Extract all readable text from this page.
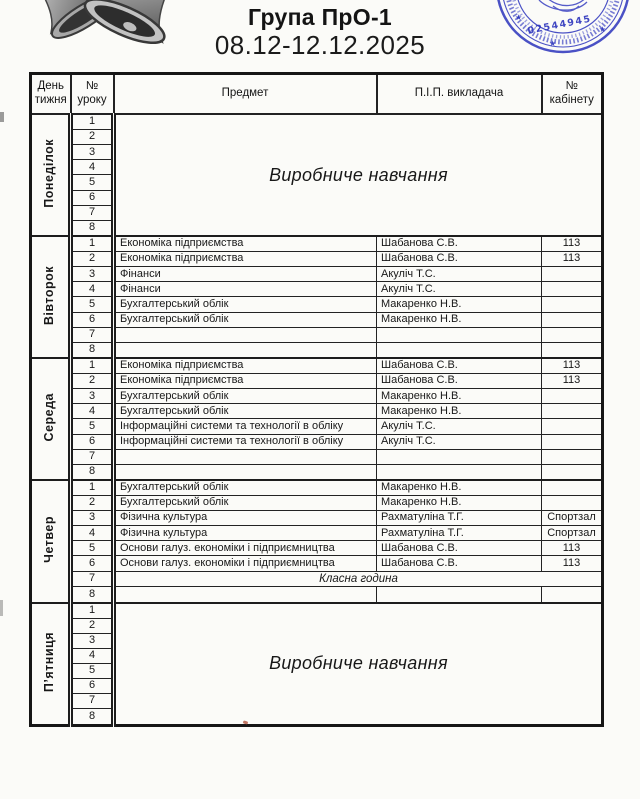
Група ПрО-1
08.12-12.12.2025
★
★
★
02544945
День тижня	№ уроку	Предмет	П.І.П. викладача	№ кабінету
Понеділок	1	Виробниче навчання		
	2			
	3			
	4			
	5			
	6			
	7			
	8			
Вівторок	1	Економіка підприємства	Шабанова С.В.	113
	2	Економіка підприємства	Шабанова С.В.	113
	3	Фінанси	Акуліч Т.С.	
	4	Фінанси	Акуліч Т.С.	
	5	Бухгалтерський облік	Макаренко Н.В.	
	6	Бухгалтерський облік	Макаренко Н.В.	
	7			
	8			
Середа	1	Економіка підприємства	Шабанова С.В.	113
	2	Економіка підприємства	Шабанова С.В.	113
	3	Бухгалтерський облік	Макаренко Н.В.	
	4	Бухгалтерський облік	Макаренко Н.В.	
	5	Інформаційні системи та технології в обліку	Акуліч Т.С.	
	6	Інформаційні системи та технології в обліку	Акуліч Т.С.	
	7			
	8			
Четвер	1	Бухгалтерський облік	Макаренко Н.В.	
	2	Бухгалтерський облік	Макаренко Н.В.	
	3	Фізична культура	Рахматуліна Т.Г.	Спортзал
	4	Фізична культура	Рахматуліна Т.Г.	Спортзал
	5	Основи галуз. економіки і підприємництва	Шабанова С.В.	113
	6	Основи галуз. економіки і підприємництва	Шабанова С.В.	113
	7	Класна година		
	8			
П’ятниця	1	Виробниче навчання		
	2			
	3			
	4			
	5			
	6			
	7			
	8			
